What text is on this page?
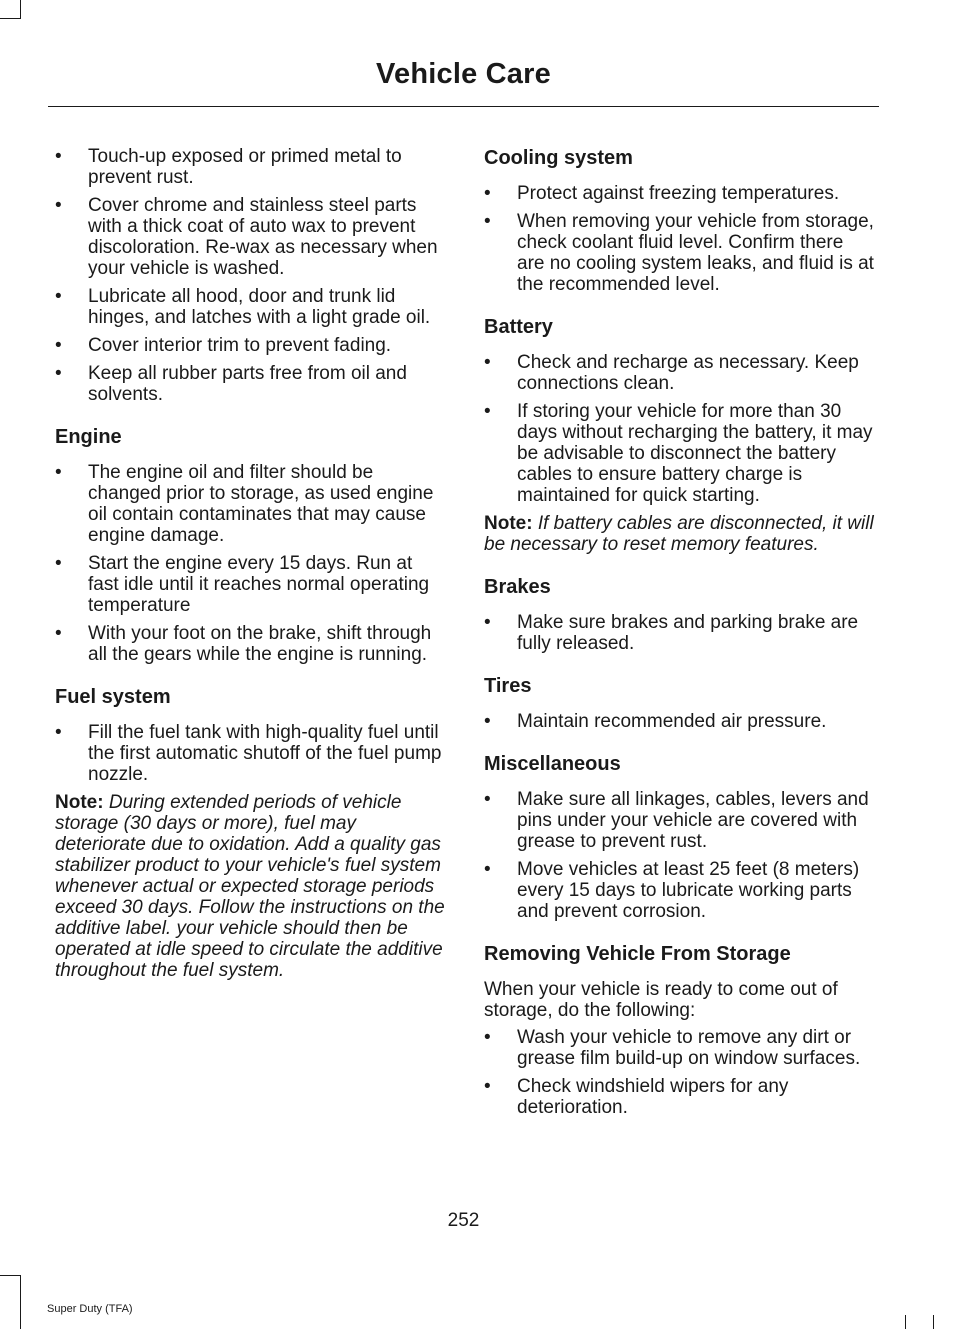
Vehicle Care
• Touch-up exposed or primed metal to prevent rust.
• Cover chrome and stainless steel parts with a thick coat of auto wax to prevent discoloration. Re-wax as necessary when your vehicle is washed.
• Lubricate all hood, door and trunk lid hinges, and latches with a light grade oil.
• Cover interior trim to prevent fading.
• Keep all rubber parts free from oil and solvents.
Engine
• The engine oil and filter should be changed prior to storage, as used engine oil contain contaminates that may cause engine damage.
• Start the engine every 15 days. Run at fast idle until it reaches normal operating temperature
• With your foot on the brake, shift through all the gears while the engine is running.
Fuel system
• Fill the fuel tank with high-quality fuel until the first automatic shutoff of the fuel pump nozzle.

Note: During extended periods of vehicle storage (30 days or more), fuel may deteriorate due to oxidation. Add a quality gas stabilizer product to your vehicle's fuel system whenever actual or expected storage periods exceed 30 days. Follow the instructions on the additive label. your vehicle should then be operated at idle speed to circulate the additive throughout the fuel system.

Cooling system
• Protect against freezing temperatures.
• When removing your vehicle from storage, check coolant fluid level. Confirm there are no cooling system leaks, and fluid is at the recommended level.
Battery
• Check and recharge as necessary. Keep connections clean.
• If storing your vehicle for more than 30 days without recharging the battery, it may be advisable to disconnect the battery cables to ensure battery charge is maintained for quick starting.

Note: If battery cables are disconnected, it will be necessary to reset memory features.

Brakes
• Make sure brakes and parking brake are fully released.
Tires
• Maintain recommended air pressure.
Miscellaneous
• Make sure all linkages, cables, levers and pins under your vehicle are covered with grease to prevent rust.
• Move vehicles at least 25 feet (8 meters) every 15 days to lubricate working parts and prevent corrosion.
Removing Vehicle From Storage

When your vehicle is ready to come out of storage, do the following:

• Wash your vehicle to remove any dirt or grease film build-up on window surfaces.
• Check windshield wipers for any deterioration.
252
Super Duty (TFA)
